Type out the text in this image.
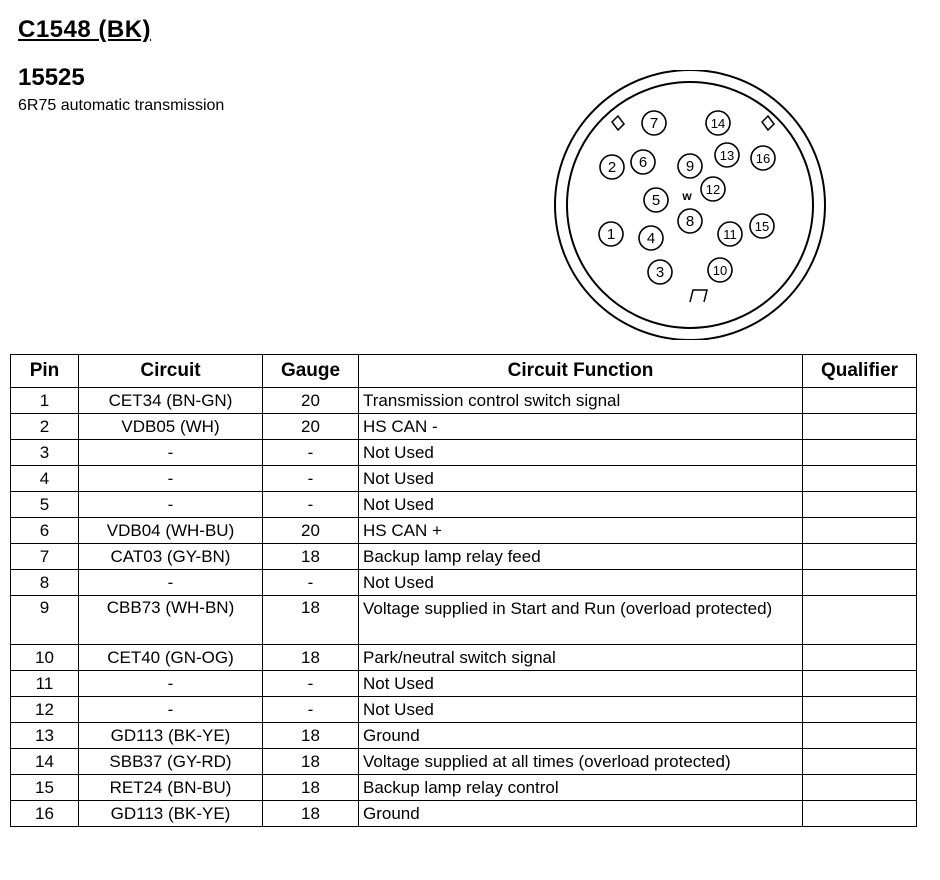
C1548 (BK)
15525
6R75 automatic transmission
w
1
2
3
4
5
6
7
8
9
10
11
12
13
14
15
16
Pin	Circuit	Gauge	Circuit Function	Qualifier
1	CET34 (BN-GN)	20	Transmission control switch signal	
2	VDB05 (WH)	20	HS CAN -	
3	-	-	Not Used	
4	-	-	Not Used	
5	-	-	Not Used	
6	VDB04 (WH-BU)	20	HS CAN +	
7	CAT03 (GY-BN)	18	Backup lamp relay feed	
8	-	-	Not Used	
9	CBB73 (WH-BN)	18	Voltage supplied in Start and Run (overload protected)	
10	CET40 (GN-OG)	18	Park/neutral switch signal	
11	-	-	Not Used	
12	-	-	Not Used	
13	GD113 (BK-YE)	18	Ground	
14	SBB37 (GY-RD)	18	Voltage supplied at all times (overload protected)	
15	RET24 (BN-BU)	18	Backup lamp relay control	
16	GD113 (BK-YE)	18	Ground	
